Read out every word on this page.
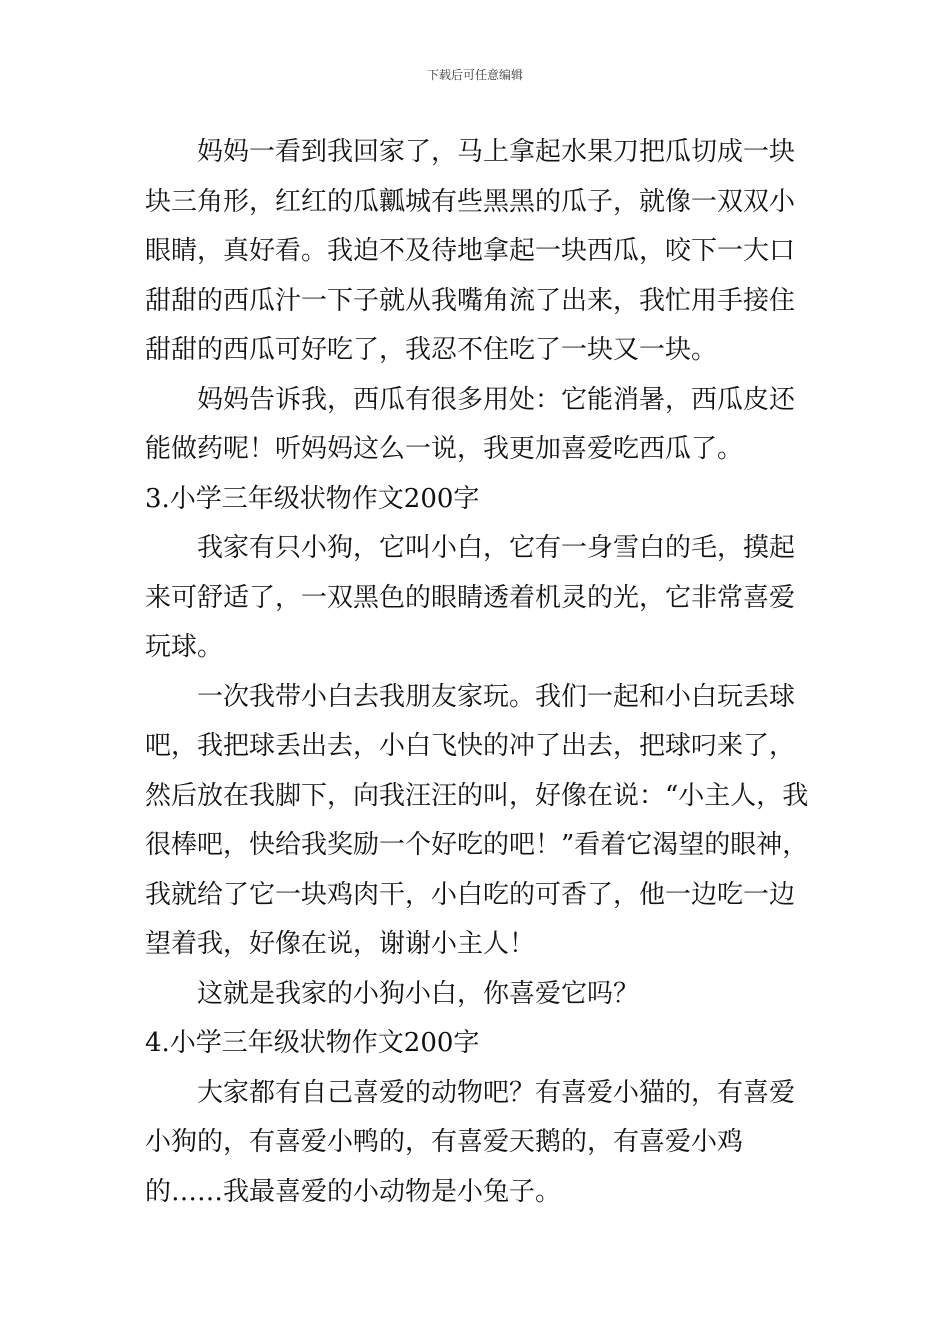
下载后可任意编辑

妈妈一看到我回家了，马上拿起水果刀把瓜切成一块块三角形，红红的瓜瓤城有些黑黑的瓜子，就像一双双小眼睛，真好看。我迫不及待地拿起一块西瓜，咬下一大口甜甜的西瓜汁一下子就从我嘴角流了出来，我忙用手接住甜甜的西瓜可好吃了，我忍不住吃了一块又一块。

妈妈告诉我，西瓜有很多用处：它能消暑，西瓜皮还能做药呢！听妈妈这么一说，我更加喜爱吃西瓜了。

3.小学三年级状物作文200字

我家有只小狗，它叫小白，它有一身雪白的毛，摸起来可舒适了，一双黑色的眼睛透着机灵的光，它非常喜爱玩球。

一次我带小白去我朋友家玩。我们一起和小白玩丢球吧，我把球丢出去，小白飞快的冲了出去，把球叼来了，然后放在我脚下，向我汪汪的叫，好像在说：“小主人，我很棒吧，快给我奖励一个好吃的吧！”看着它渴望的眼神，我就给了它一块鸡肉干，小白吃的可香了，他一边吃一边望着我，好像在说，谢谢小主人！

这就是我家的小狗小白，你喜爱它吗？

4.小学三年级状物作文200字

大家都有自己喜爱的动物吧？有喜爱小猫的，有喜爱小狗的，有喜爱小鸭的，有喜爱天鹅的，有喜爱小鸡的……我最喜爱的小动物是小兔子。
